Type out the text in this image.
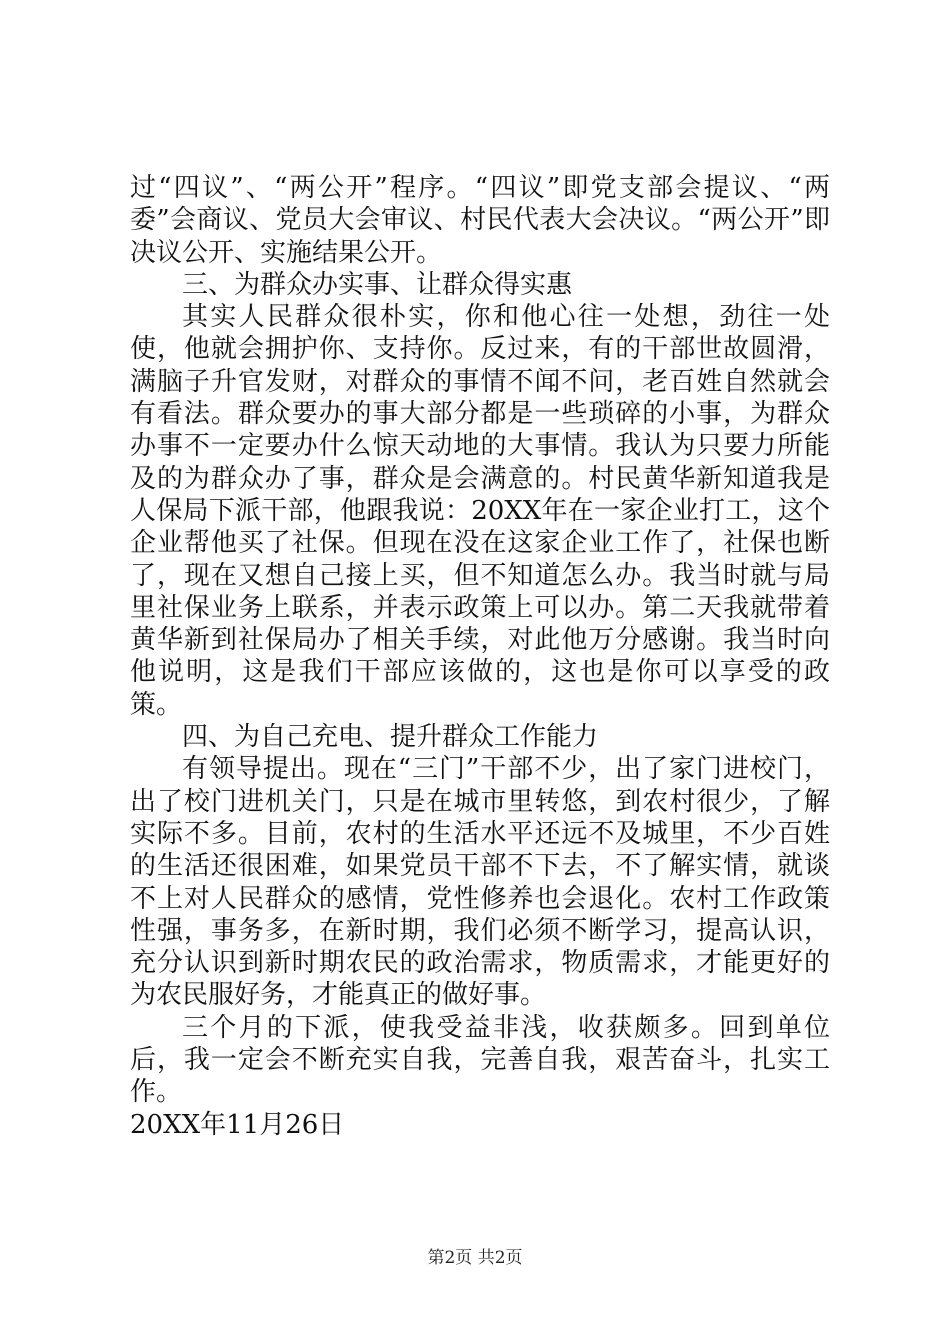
过“四议”、“两公开”程序。“四议”即党支部会提议、“两委”会商议、党员大会审议、村民代表大会决议。“两公开”即决议公开、实施结果公开。

三、为群众办实事、让群众得实惠

其实人民群众很朴实，你和他心往一处想，劲往一处使，他就会拥护你、支持你。反过来，有的干部世故圆滑，满脑子升官发财，对群众的事情不闻不问，老百姓自然就会有看法。群众要办的事大部分都是一些琐碎的小事，为群众办事不一定要办什么惊天动地的大事情。我认为只要力所能及的为群众办了事，群众是会满意的。村民黄华新知道我是人保局下派干部，他跟我说：20XX年在一家企业打工，这个企业帮他买了社保。但现在没在这家企业工作了，社保也断了，现在又想自己接上买，但不知道怎么办。我当时就与局里社保业务上联系，并表示政策上可以办。第二天我就带着黄华新到社保局办了相关手续，对此他万分感谢。我当时向他说明，这是我们干部应该做的，这也是你可以享受的政策。

四、为自己充电、提升群众工作能力

有领导提出。现在“三门”干部不少，出了家门进校门，出了校门进机关门，只是在城市里转悠，到农村很少，了解实际不多。目前，农村的生活水平还远不及城里，不少百姓的生活还很困难，如果党员干部不下去，不了解实情，就谈不上对人民群众的感情，党性修养也会退化。农村工作政策性强，事务多，在新时期，我们必须不断学习，提高认识，充分认识到新时期农民的政治需求，物质需求，才能更好的为农民服好务，才能真正的做好事。

三个月的下派，使我受益非浅，收获颇多。回到单位后，我一定会不断充实自我，完善自我，艰苦奋斗，扎实工作。

20XX年11月26日

第2页 共2页
